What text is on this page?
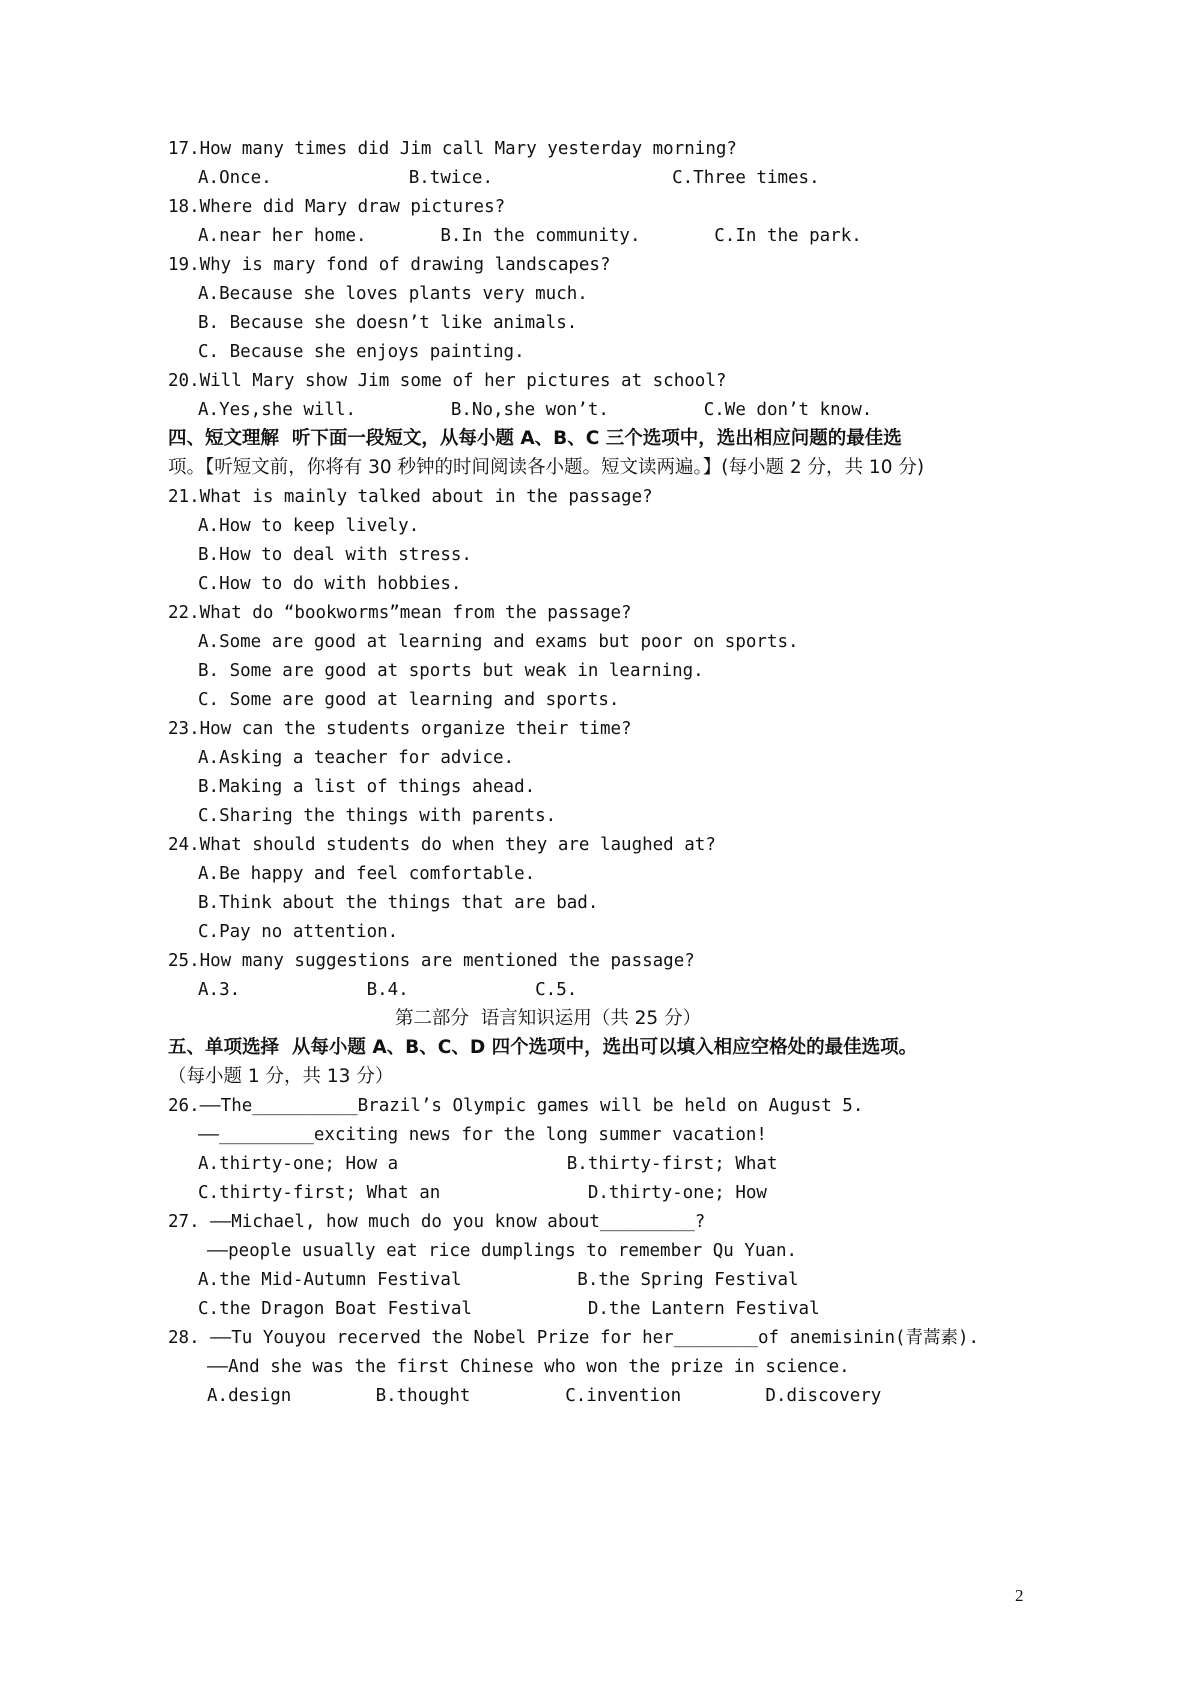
17.How many times did Jim call Mary yesterday morning?
A.Once.             B.twice.                 C.Three times.
18.Where did Mary draw pictures?
A.near her home.       B.In the community.       C.In the park.
19.Why is mary fond of drawing landscapes?
A.Because she loves plants very much.
B. Because she doesn’t like animals.
C. Because she enjoys painting.
20.Will Mary show Jim some of her pictures at school?
A.Yes,she will.         B.No,she won’t.         C.We don’t know.
四、短文理解  听下面一段短文，从每小题 A、B、C 三个选项中，选出相应问题的最佳选
项。【听短文前，你将有 30 秒钟的时间阅读各小题。短文读两遍。】(每小题 2 分，共 10 分)
21.What is mainly talked about in the passage?
A.How to keep lively.
B.How to deal with stress.
C.How to do with hobbies.
22.What do “bookworms”mean from the passage?
A.Some are good at learning and exams but poor on sports.
B. Some are good at sports but weak in learning.
C. Some are good at learning and sports.
23.How can the students organize their time?
A.Asking a teacher for advice.
B.Making a list of things ahead.
C.Sharing the things with parents.
24.What should students do when they are laughed at?
A.Be happy and feel comfortable.
B.Think about the things that are bad.
C.Pay no attention.
25.How many suggestions are mentioned the passage?
A.3.            B.4.            C.5.
第二部分  语言知识运用（共 25 分）
五、单项选择  从每小题 A、B、C、D 四个选项中，选出可以填入相应空格处的最佳选项。
（每小题 1 分，共 13 分）
26.——The__________Brazil’s Olympic games will be held on August 5.
——_________exciting news for the long summer vacation!
A.thirty-one; How a                B.thirty-first; What
C.thirty-first; What an              D.thirty-one; How
27. ——Michael, how much do you know about_________?
——people usually eat rice dumplings to remember Qu Yuan.
A.the Mid-Autumn Festival           B.the Spring Festival
C.the Dragon Boat Festival           D.the Lantern Festival
28. ——Tu Youyou recerved the Nobel Prize for her________of anemisinin(青蒿素).
——And she was the first Chinese who won the prize in science.
A.design        B.thought         C.invention        D.discovery
2
